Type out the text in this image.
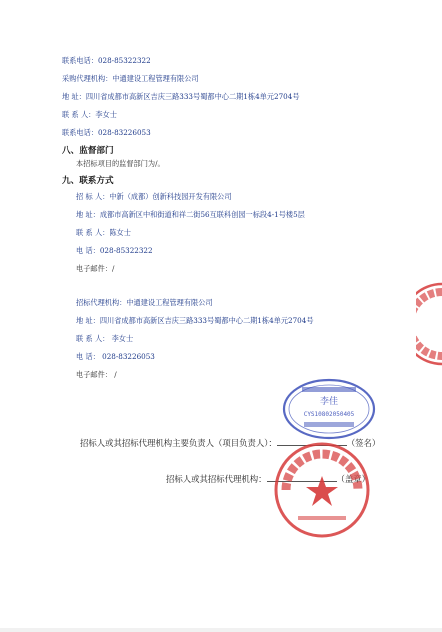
联系电话：028-85322322
采购代理机构：中通建设工程管理有限公司
地 址：四川省成都市高新区吉庆三路333号蜀都中心二期1栋4单元2704号
联 系 人：李女士
联系电话：028-83226053
八、监督部门
本招标项目的监督部门为/。
九、联系方式
招 标 人：中新（成都）创新科技园开发有限公司
地 址：成都市高新区中和街道和祥二街56互联科创园一标段4-1号楼5层
联 系 人：陈女士
电 话：028-85322322
电子邮件：/
招标代理机构：中通建设工程管理有限公司
地 址：四川省成都市高新区吉庆三路333号蜀都中心二期1栋4单元2704号
联 系 人： 李女士
电 话： 028-83226053
电子邮件： /
招标人或其招标代理机构主要负责人（项目负责人）：	（签名）
招标人或其招标代理机构：	（盖章）
李佳
CYS10802050405
